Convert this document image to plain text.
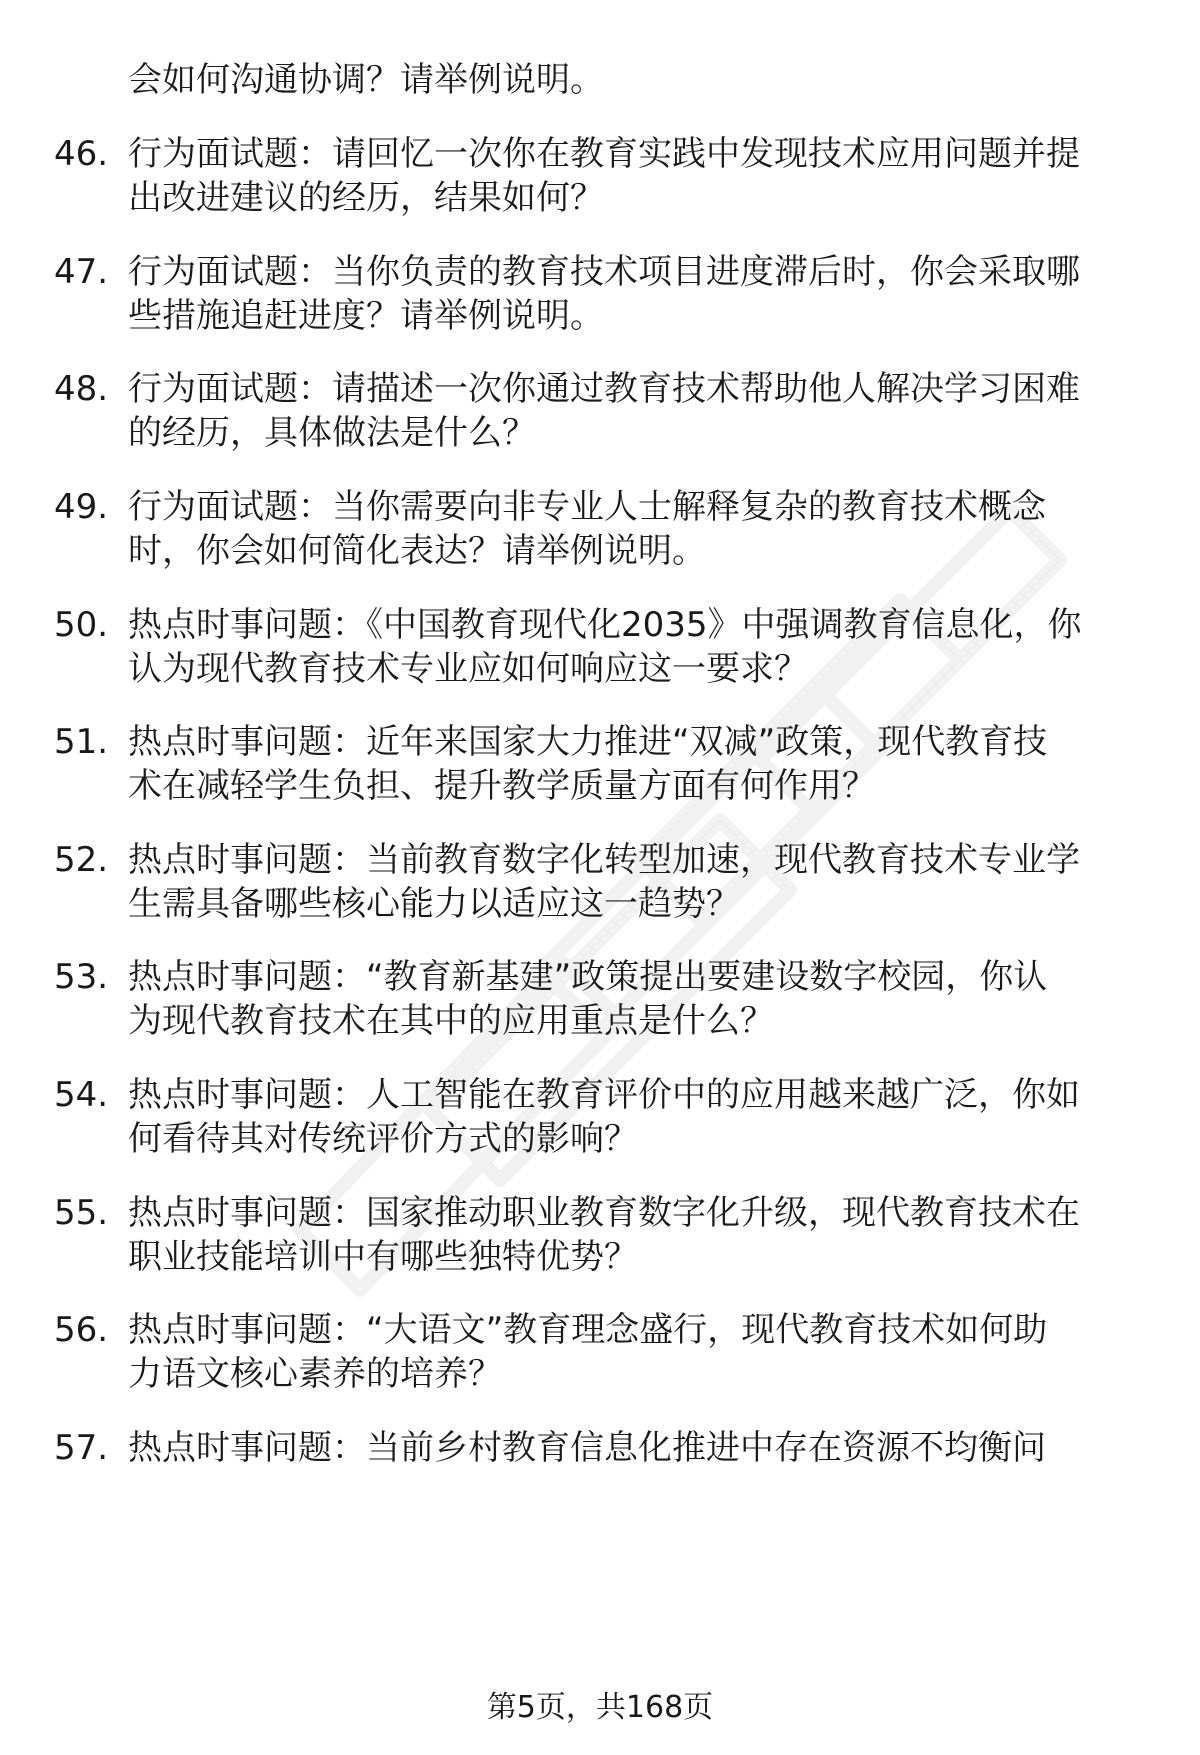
会如何沟通协调？请举例说明。
46. 行为面试题：请回忆一次你在教育实践中发现技术应用问题并提
出改进建议的经历，结果如何？
47. 行为面试题：当你负责的教育技术项目进度滞后时，你会采取哪
些措施追赶进度？请举例说明。
48. 行为面试题：请描述一次你通过教育技术帮助他人解决学习困难
的经历，具体做法是什么？
49. 行为面试题：当你需要向非专业人士解释复杂的教育技术概念
时，你会如何简化表达？请举例说明。
50. 热点时事问题：《中国教育现代化2035》中强调教育信息化，你
认为现代教育技术专业应如何响应这一要求？
51. 热点时事问题：近年来国家大力推进“双减”政策，现代教育技
术在减轻学生负担、提升教学质量方面有何作用？
52. 热点时事问题：当前教育数字化转型加速，现代教育技术专业学
生需具备哪些核心能力以适应这一趋势？
53. 热点时事问题：“教育新基建”政策提出要建设数字校园，你认
为现代教育技术在其中的应用重点是什么？
54. 热点时事问题：人工智能在教育评价中的应用越来越广泛，你如
何看待其对传统评价方式的影响？
55. 热点时事问题：国家推动职业教育数字化升级，现代教育技术在
职业技能培训中有哪些独特优势？
56. 热点时事问题：“大语文”教育理念盛行，现代教育技术如何助
力语文核心素养的培养？
57. 热点时事问题：当前乡村教育信息化推进中存在资源不均衡问
第5页，共168页
